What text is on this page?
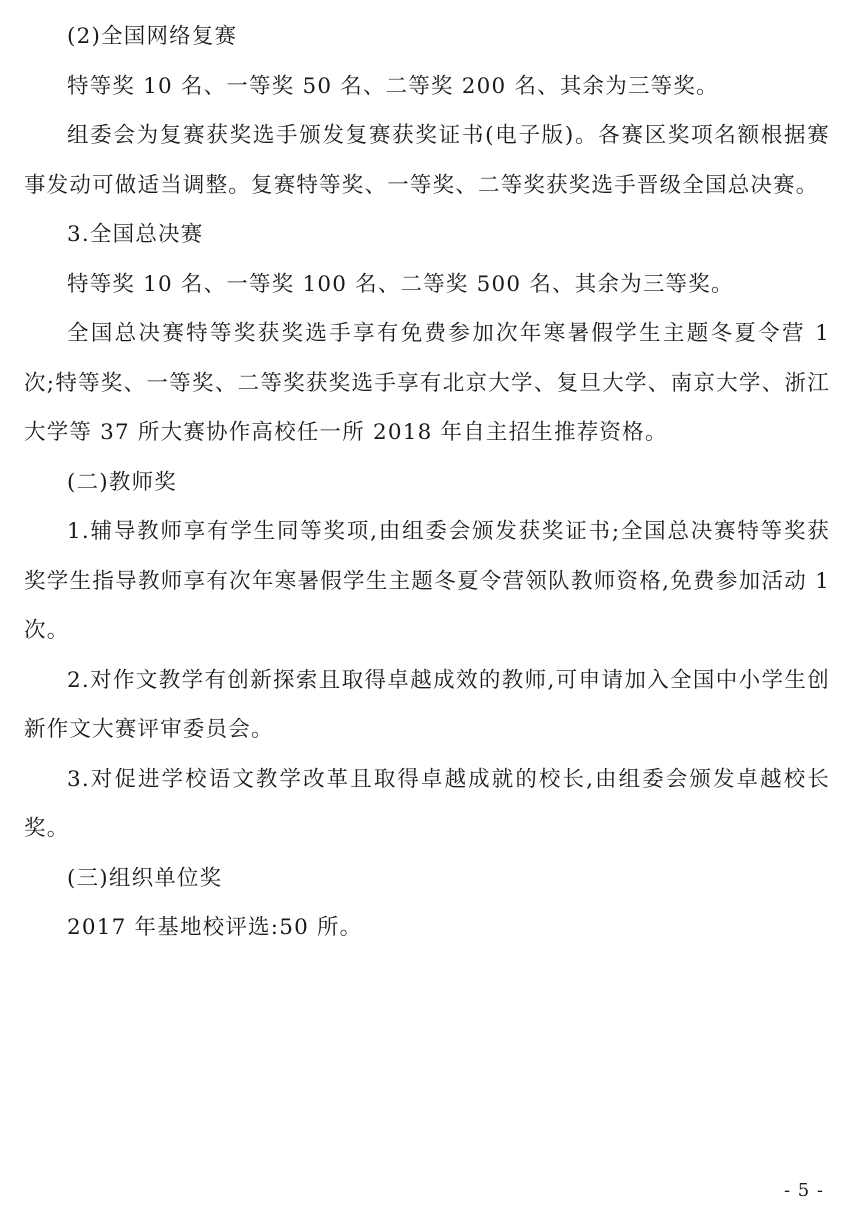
(2)全国网络复赛

特等奖 10 名、一等奖 50 名、二等奖 200 名、其余为三等奖。

组委会为复赛获奖选手颁发复赛获奖证书(电子版)。各赛区奖项名额根据赛事发动可做适当调整。复赛特等奖、一等奖、二等奖获奖选手晋级全国总决赛。

3.全国总决赛

特等奖 10 名、一等奖 100 名、二等奖 500 名、其余为三等奖。

全国总决赛特等奖获奖选手享有免费参加次年寒暑假学生主题冬夏令营 1 次;特等奖、一等奖、二等奖获奖选手享有北京大学、复旦大学、南京大学、浙江大学等 37 所大赛协作高校任一所 2018 年自主招生推荐资格。

(二)教师奖

1.辅导教师享有学生同等奖项,由组委会颁发获奖证书;全国总决赛特等奖获奖学生指导教师享有次年寒暑假学生主题冬夏令营领队教师资格,免费参加活动 1 次。

2.对作文教学有创新探索且取得卓越成效的教师,可申请加入全国中小学生创新作文大赛评审委员会。

3.对促进学校语文教学改革且取得卓越成就的校长,由组委会颁发卓越校长奖。

(三)组织单位奖

2017 年基地校评选:50 所。

- 5 -
